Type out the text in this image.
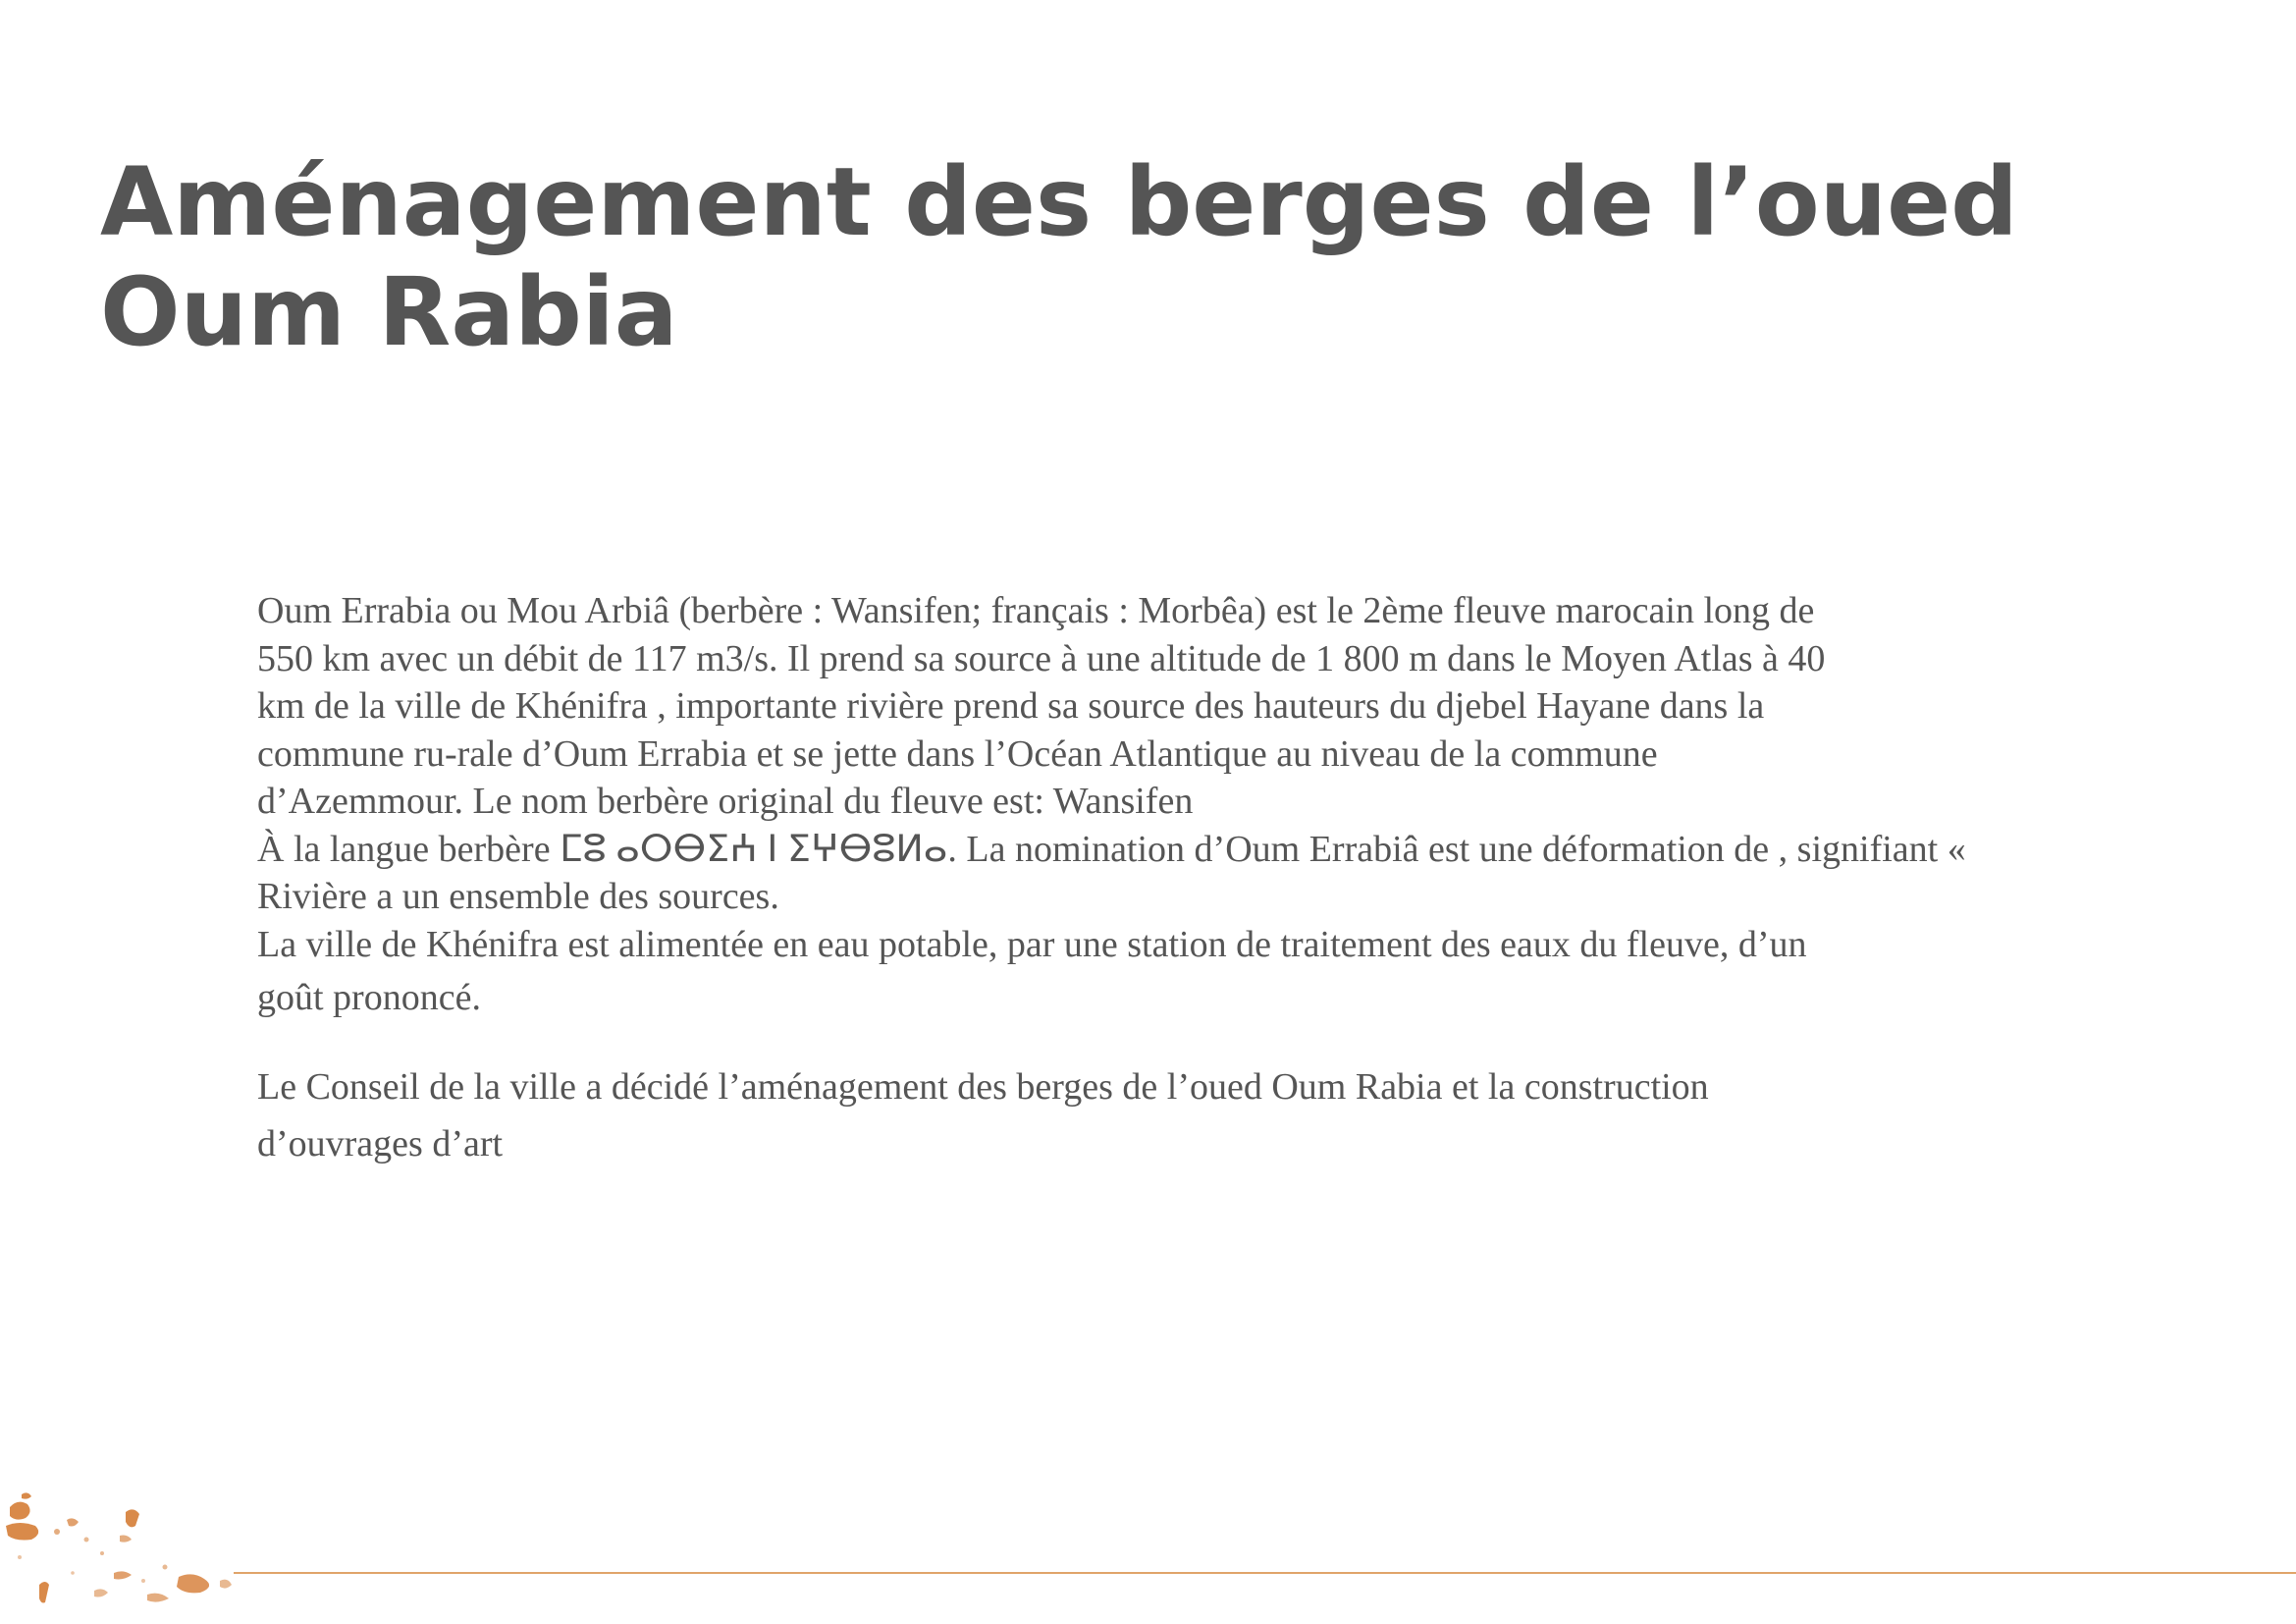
Aménagement des berges de l’oued
Oum Rabia
Oum Errabia ou Mou Arbiâ (berbère : Wansifen; français : Morbêa) est le 2ème fleuve marocain long de
550 km avec un débit de 117 m3/s. Il prend sa source à une altitude de 1 800 m dans le Moyen Atlas à 40
km de la ville de Khénifra , importante rivière prend sa source des hauteurs du djebel Hayane dans la
commune ru-rale d’Oum Errabia et se jette dans l’Océan Atlantique au niveau de la commune
d’Azemmour. Le nom berbère original du fleuve est: Wansifen
À la langue berbère ⵎⵓ ⴰⵔⴱⵉⵄ ⵏ ⵉⵖⴱⵓⵍⴰ. La nomination d’Oum Errabiâ est une déformation de , signifiant «
Rivière a un ensemble des sources.
La ville de Khénifra est alimentée en eau potable, par une station de traitement des eaux du fleuve, d’un
goût prononcé.
Le Conseil de la ville a décidé l’aménagement des berges de l’oued Oum Rabia et la construction
d’ouvrages d’art
